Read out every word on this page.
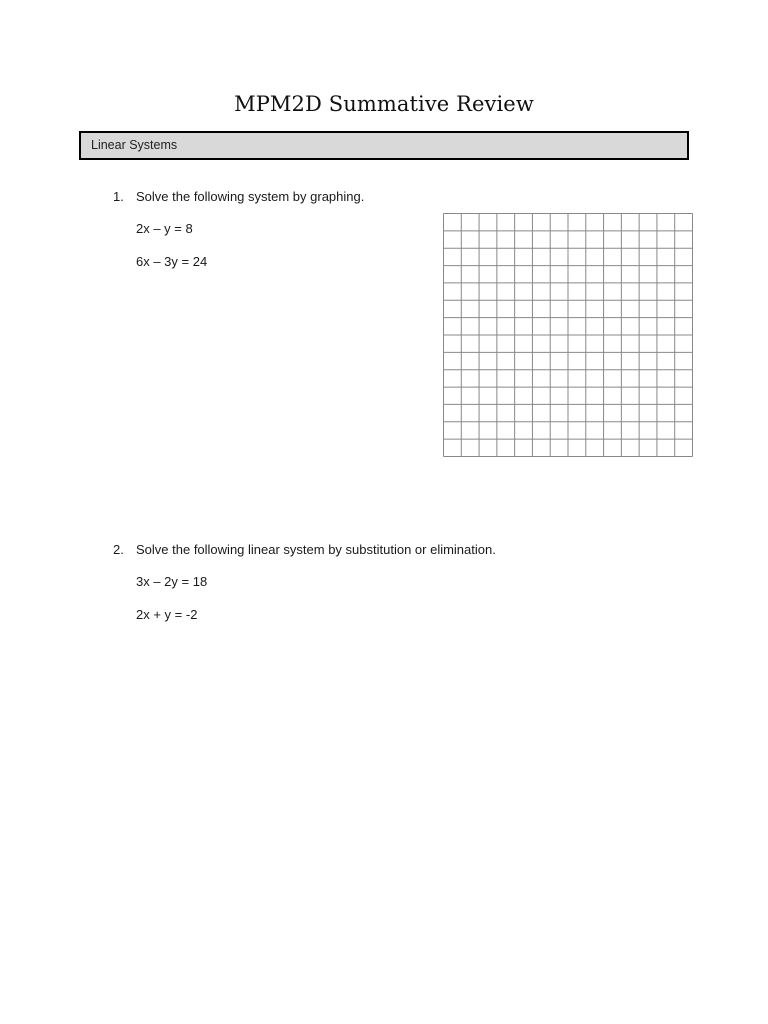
MPM2D Summative Review
Linear Systems
1. Solve the following system by graphing.
2x – y = 8
6x – 3y = 24
2. Solve the following linear system by substitution or elimination.
3x – 2y = 18
2x + y = -2
